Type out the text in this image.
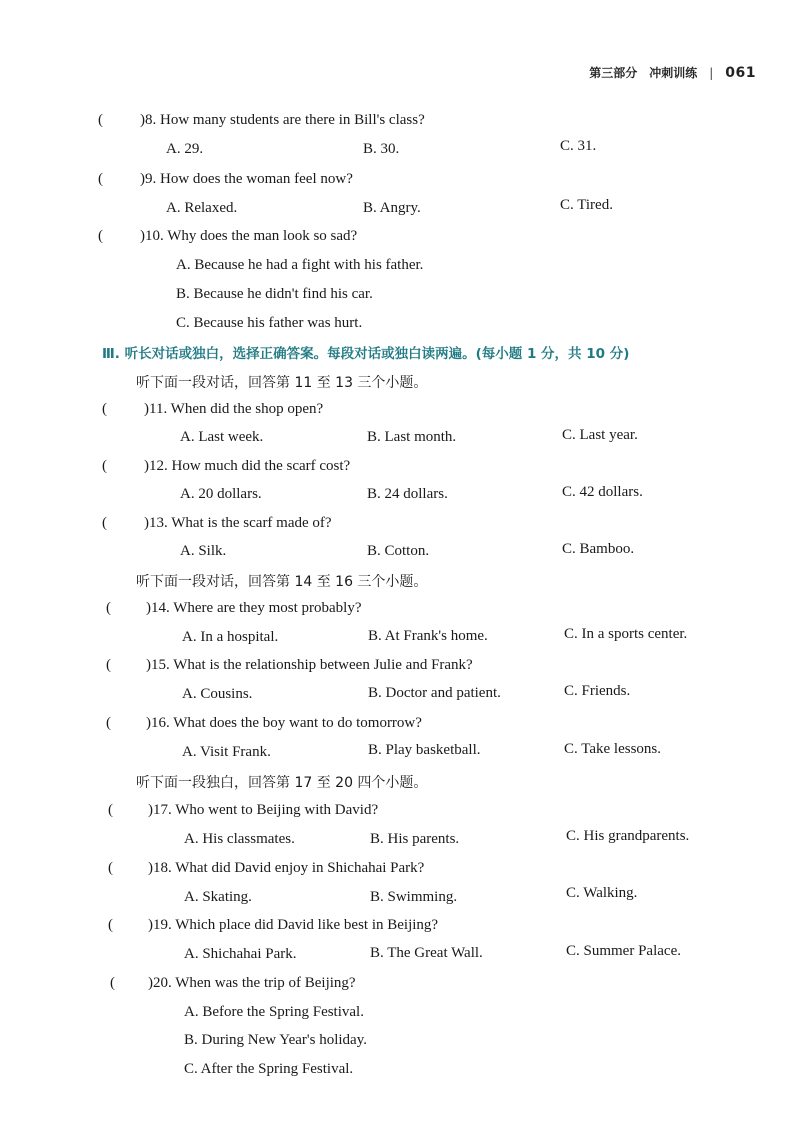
第三部分　冲刺训练 | 061
( )8. How many students are there in Bill's class?
A. 29.	B. 30.	C. 31.
( )9. How does the woman feel now?
A. Relaxed.	B. Angry.	C. Tired.
( )10. Why does the man look so sad?
A. Because he had a fight with his father.
B. Because he didn't find his car.
C. Because his father was hurt.
Ⅲ. 听长对话或独白，选择正确答案。每段对话或独白读两遍。(每小题 1 分，共 10 分)
听下面一段对话，回答第 11 至 13 三个小题。
( )11. When did the shop open?
A. Last week.	B. Last month.	C. Last year.
( )12. How much did the scarf cost?
A. 20 dollars.	B. 24 dollars.	C. 42 dollars.
( )13. What is the scarf made of?
A. Silk.	B. Cotton.	C. Bamboo.
听下面一段对话，回答第 14 至 16 三个小题。
( )14. Where are they most probably?
A. In a hospital.	B. At Frank's home.	C. In a sports center.
( )15. What is the relationship between Julie and Frank?
A. Cousins.	B. Doctor and patient.	C. Friends.
( )16. What does the boy want to do tomorrow?
A. Visit Frank.	B. Play basketball.	C. Take lessons.
听下面一段独白，回答第 17 至 20 四个小题。
( )17. Who went to Beijing with David?
A. His classmates.	B. His parents.	C. His grandparents.
( )18. What did David enjoy in Shichahai Park?
A. Skating.	B. Swimming.	C. Walking.
( )19. Which place did David like best in Beijing?
A. Shichahai Park.	B. The Great Wall.	C. Summer Palace.
( )20. When was the trip of Beijing?
A. Before the Spring Festival.
B. During New Year's holiday.
C. After the Spring Festival.
